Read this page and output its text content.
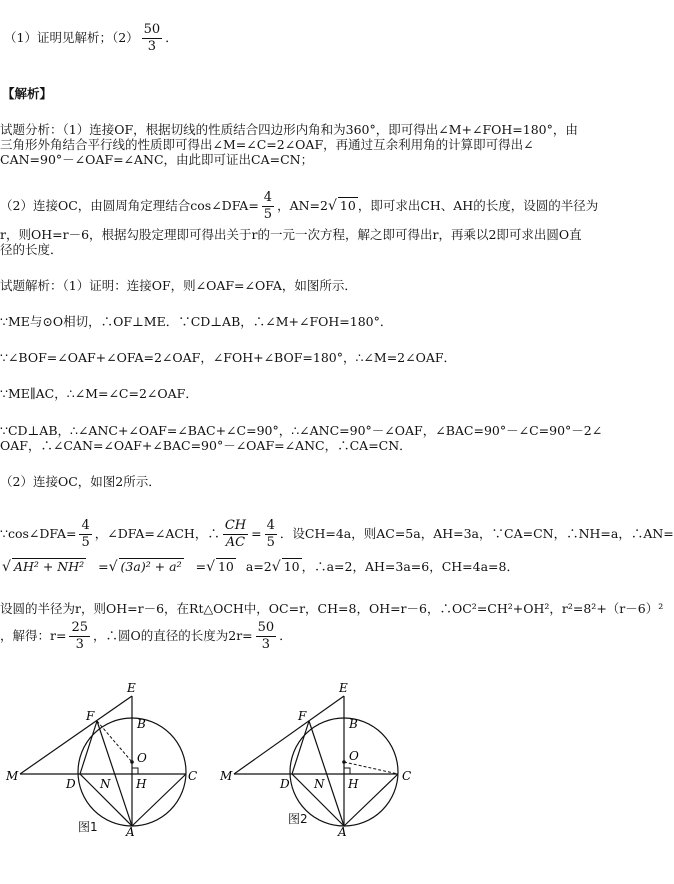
（1）证明见解析；$(2) \frac{50}{3}$ ．
【解析】
试题分析：（1）连接OF，根据切线的性质结合四边形内角和为360°，即可得出∠M+∠FOH=180°，由
三角形外角结合平行线的性质即可得出∠M=∠C=2∠OAF，再通过互余利用角的计算即可得出∠
CAN=90°－∠OAF=∠ANC，由此即可证出CA=CN；
（2）连接OC，由圆周角定理结合cos∠DFA= $\frac{4}{5}$ ，AN=2√ 10 ，即可求出CH、AH的长度，设圆的半径为
r，则OH=r－6，根据勾股定理即可得出关于r的一元一次方程，解之即可得出r，再乘以2即可求出圆O直
径的长度．
试题解析：（1）证明：连接OF，则∠OAF=∠OFA，如图所示．
∵ME与⊙O相切，∴OF⊥ME．∵CD⊥AB，∴∠M+∠FOH=180°．
∵∠BOF=∠OAF+∠OFA=2∠OAF，∠FOH+∠BOF=180°，∴∠M=2∠OAF．
∵ME∥AC，∴∠M=∠C=2∠OAF．
∵CD⊥AB，∴∠ANC+∠OAF=∠BAC+∠C=90°，∴∠ANC=90°－∠OAF，∠BAC=90°－∠C=90°－2∠
OAF，∴∠CAN=∠OAF+∠BAC=90°－∠OAF=∠ANC，∴CA=CN．
（2）连接OC，如图2所示．
∵cos∠DFA= $\frac{4}{5}$ ，∠DFA=∠ACH，∴ $\frac{CH}{AC} = \frac{4}{5}$ ．设CH=4a，则AC=5a，AH=3a，∵CA=CN，∴NH=a，∴AN=
√ AH² + NH² =√ (3a)² + a² =√ 10 a=2√ 10 ，∴a=2，AH=3a=6，CH=4a=8．
设圆的半径为r，则OH=r－6，在Rt△OCH中，OC=r，CH=8，OH=r－6，∴OC²=CH²+OH²，r²=8²+（r－6）²
，解得：$r= \frac{25}{3}$ ，∴圆O的直径的长度为$2r= \frac{50}{3}$ ．
E
F
B
O
M
D N H
C
A
图1
E
F
B
O
M
D N H
C
A
图2
